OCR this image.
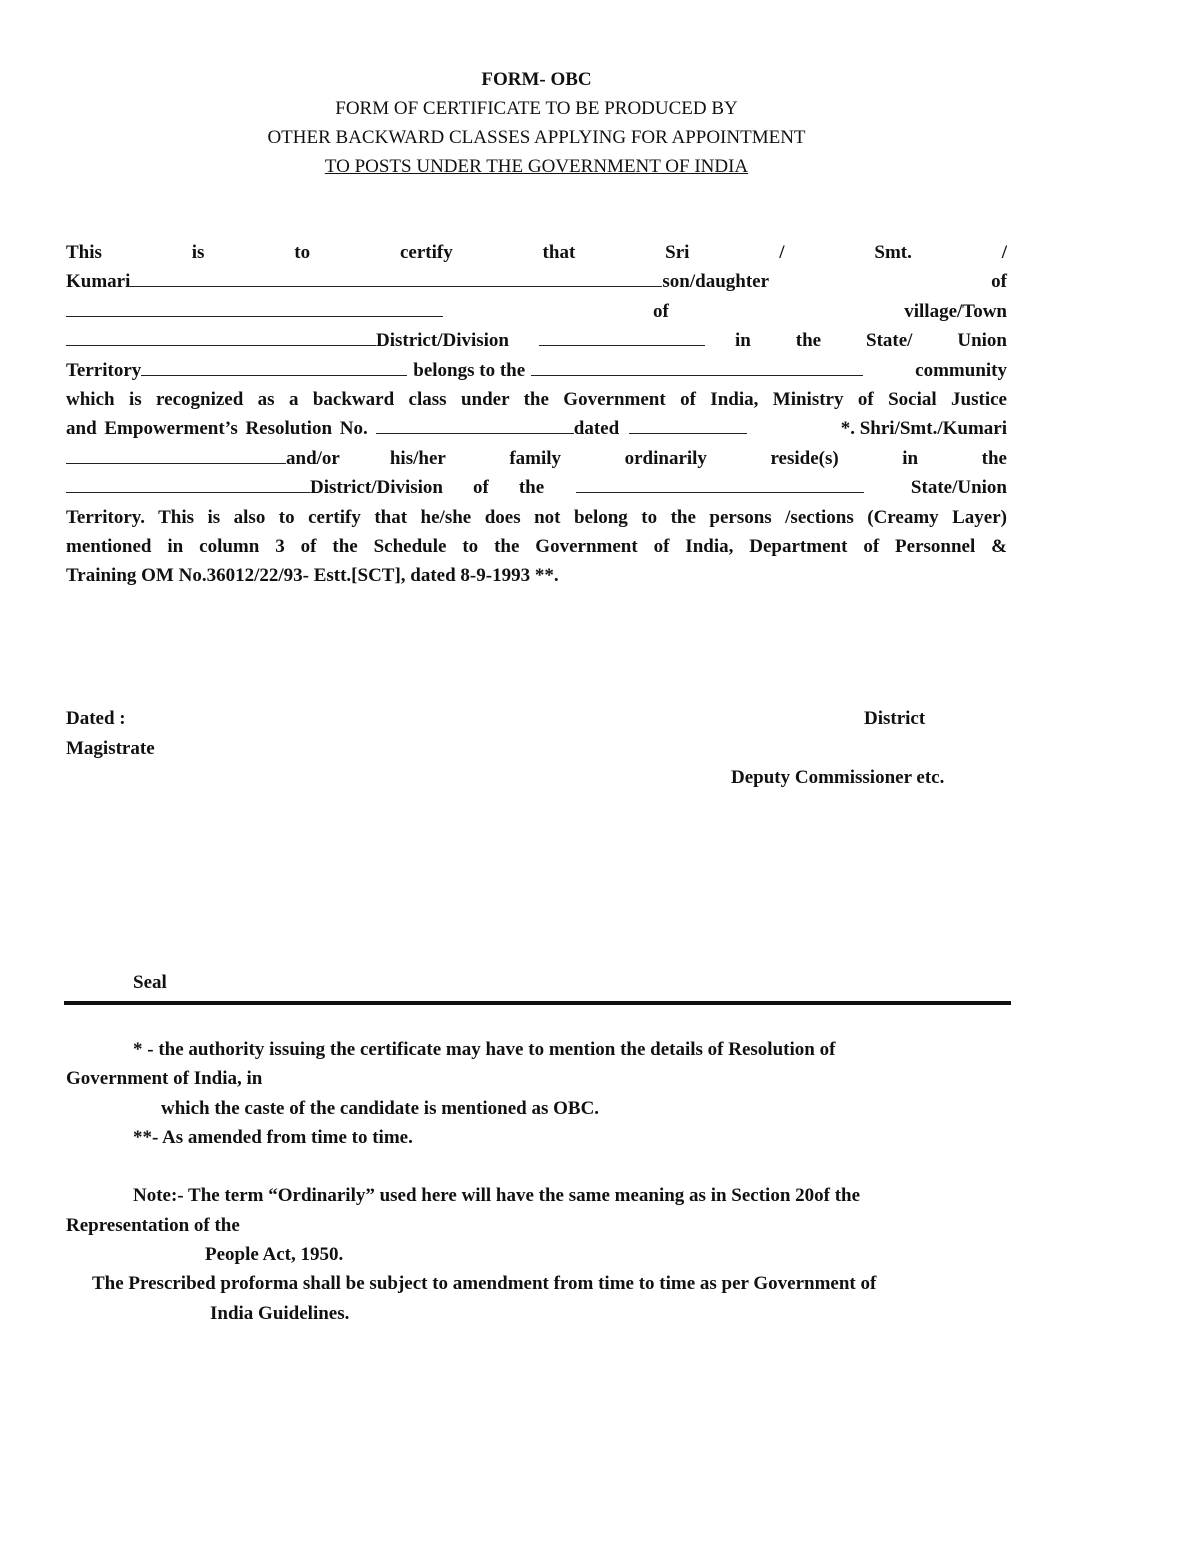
FORM- OBC
FORM OF CERTIFICATE TO BE PRODUCED BY
OTHER BACKWARD CLASSES APPLYING FOR APPOINTMENT
TO POSTS UNDER THE GOVERNMENT OF INDIA
This	is	to	certify	that	Sri	/	Smt.	/
Kumari	son/daughter	of
of	village/Town
District/Division	in the State/ Union
Territory	belongs to the	community
which is recognized as a backward class under the Government of India, Ministry of Social Justice
and Empowerment’s Resolution No.	dated	*. Shri/Smt./Kumari
and/or	his/her	family	ordinarily	reside(s)	in	the
District/Division of the	State/Union
Territory. This is also to certify that he/she does not belong to the persons /sections (Creamy Layer)
mentioned in column 3 of the Schedule to the Government of India, Department of Personnel &
Training OM No.36012/22/93- Estt.[SCT], dated 8-9-1993 **.
Dated :	District
Magistrate
Deputy Commissioner etc.
Seal
* - the authority issuing the certificate may have to mention the details of Resolution of
Government of India, in
which the caste of the candidate is mentioned as OBC.
**- As amended from time to time.
Note:- The term “Ordinarily” used here will have the same meaning as in Section 20of the
Representation of the
People Act, 1950.
The Prescribed proforma shall be subject to amendment from time to time as per Government of
India Guidelines.
